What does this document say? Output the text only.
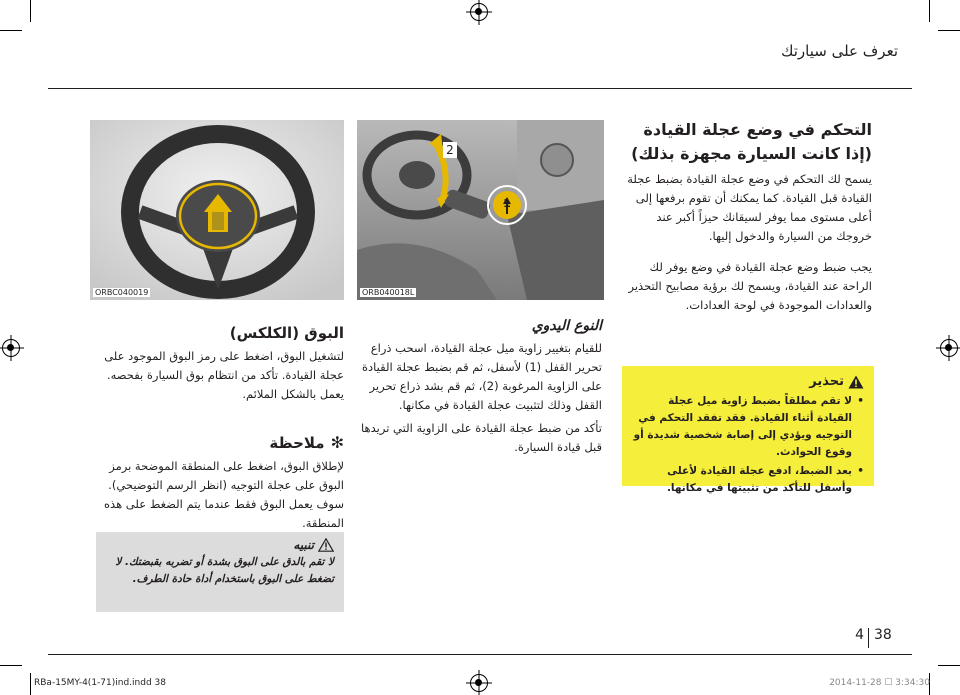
تعرف على سيارتك
التحكم في وضع عجلة القيادة
(إذا كانت السيارة مجهزة بذلك)

يسمح لك التحكم في وضع عجلة القيادة بضبط عجلة القيادة قبل القيادة. كما يمكنك أن تقوم برفعها إلى أعلى مستوى مما يوفر لسيقانك حيزاً أكبر عند خروجك من السيارة والدخول إليها.

يجب ضبط وضع عجلة القيادة في وضع يوفر لك الراحة عند القيادة، ويسمح لك برؤية مصابيح التحذير والعدادات الموجودة في لوحة العدادات.

تحذير
• لا تقم مطلقاً بضبط زاوية ميل عجلة القيادة أثناء القيادة. فقد تفقد التحكم في التوجيه ويؤدي إلى إصابة شخصية شديدة أو وقوع الحوادث.
• بعد الضبط، ادفع عجلة القيادة لأعلى وأسفل للتأكد من تثبيتها في مكانها.
2
1
ORB040018L
النوع اليدوي

للقيام بتغيير زاوية ميل عجلة القيادة، اسحب ذراع تحرير القفل (1) لأسفل، ثم قم بضبط عجلة القيادة على الزاوية المرغوبة (2)، ثم قم بشد ذراع تحرير القفل وذلك لتثبيت عجلة القيادة في مكانها.

تأكد من ضبط عجلة القيادة على الزاوية التي تريدها قبل قيادة السيارة.

ORBC040019
البوق (الكلكس)

لتشغيل البوق، اضغط على رمز البوق الموجود على عجلة القيادة. تأكد من انتظام بوق السيارة بفحصه. يعمل بالشكل الملائم.

✻
ملاحظة

لإطلاق البوق، اضغط على المنطقة الموضحة برمز البوق على عجلة التوجيه (انظر الرسم التوضيحي). سوف يعمل البوق فقط عندما يتم الضغط على هذه المنطقة.

تنبيه

لا تقم بالدق على البوق بشدة أو تضربه بقبضتك. لا تضغط على البوق باستخدام أداة حادة الطرف.

4 38
RBa-15MY-4(1-71)ind.indd 38	2014-11-28 ☐ 3:34:30
